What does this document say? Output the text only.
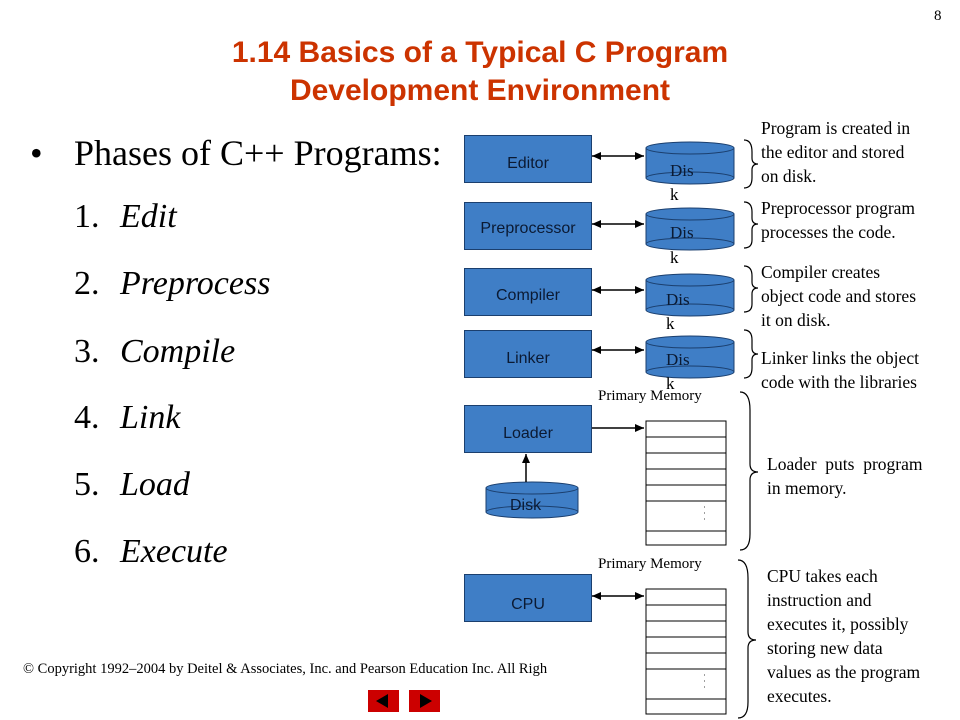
8
1.14 Basics of a Typical C Program
Development Environment
• Phases of C++ Programs:
1. Edit
2. Preprocess
3. Compile
4. Link
5. Load
6. Execute
Editor
Preprocessor
Compiler
Linker
Loader
CPU
Dis
k
Dis
k
Dis
k
Dis
k
Disk
Primary Memory
Primary Memory
. . .
. . .
Program is created in
the editor and stored
on disk.
Preprocessor program
processes the code.
Compiler creates
object code and stores
it on disk.
Linker links the object
code with the libraries
Loader  puts  program
in memory.
CPU takes each
instruction and
executes it, possibly
storing new data
values as the program
executes.
© Copyright 1992–2004 by Deitel & Associates, Inc. and Pearson Education Inc. All Righ
